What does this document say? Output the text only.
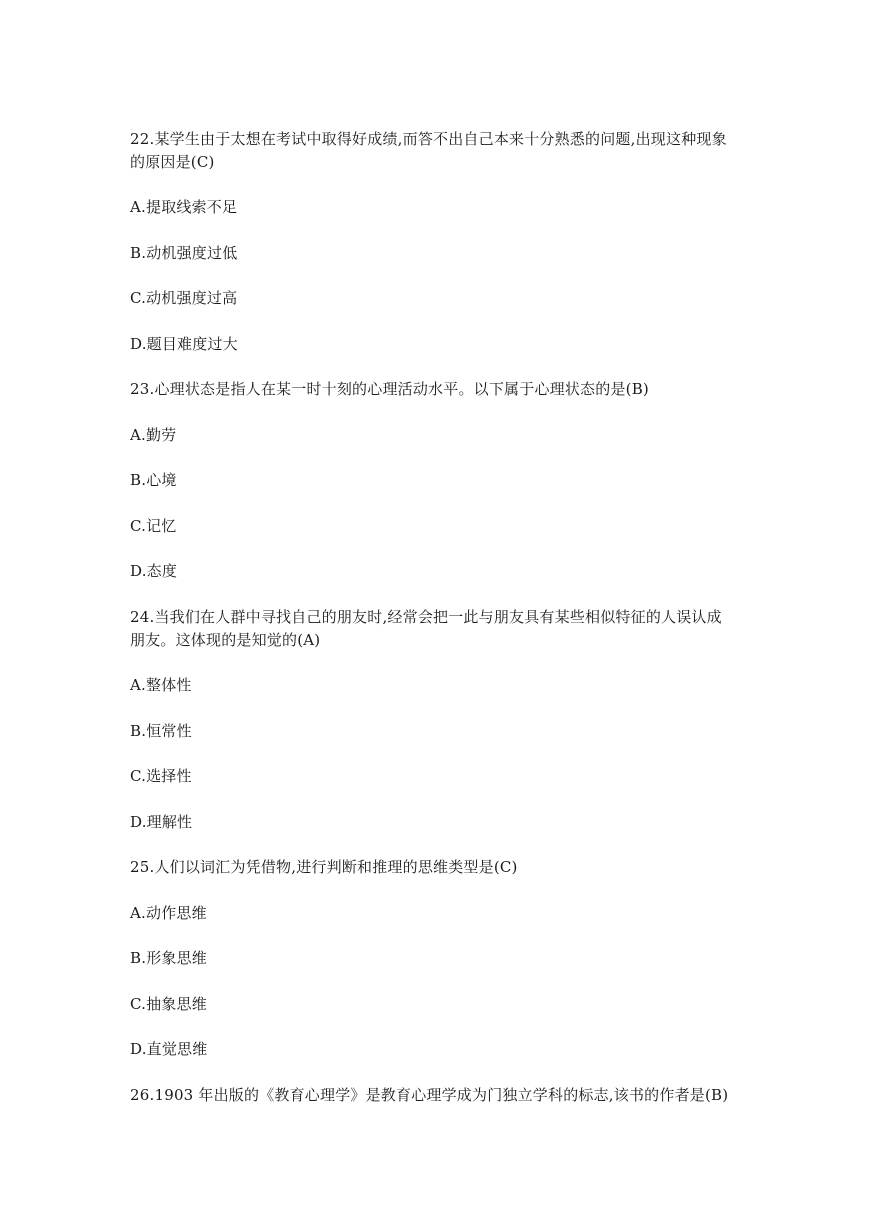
22.某学生由于太想在考试中取得好成绩,而答不出自己本来十分熟悉的问题,出现这种现象
的原因是(C)
A.提取线索不足
B.动机强度过低
C.动机强度过高
D.题目难度过大
23.心理状态是指人在某一时十刻的心理活动水平。以下属于心理状态的是(B)
A.勤劳
B.心境
C.记忆
D.态度
24.当我们在人群中寻找自己的朋友时,经常会把一此与朋友具有某些相似特征的人误认成
朋友。这体现的是知觉的(A)
A.整体性
B.恒常性
C.选择性
D.理解性
25.人们以词汇为凭借物,进行判断和推理的思维类型是(C)
A.动作思维
B.形象思维
C.抽象思维
D.直觉思维
26.1903 年出版的《教育心理学》是教育心理学成为门独立学科的标志,该书的作者是(B)
